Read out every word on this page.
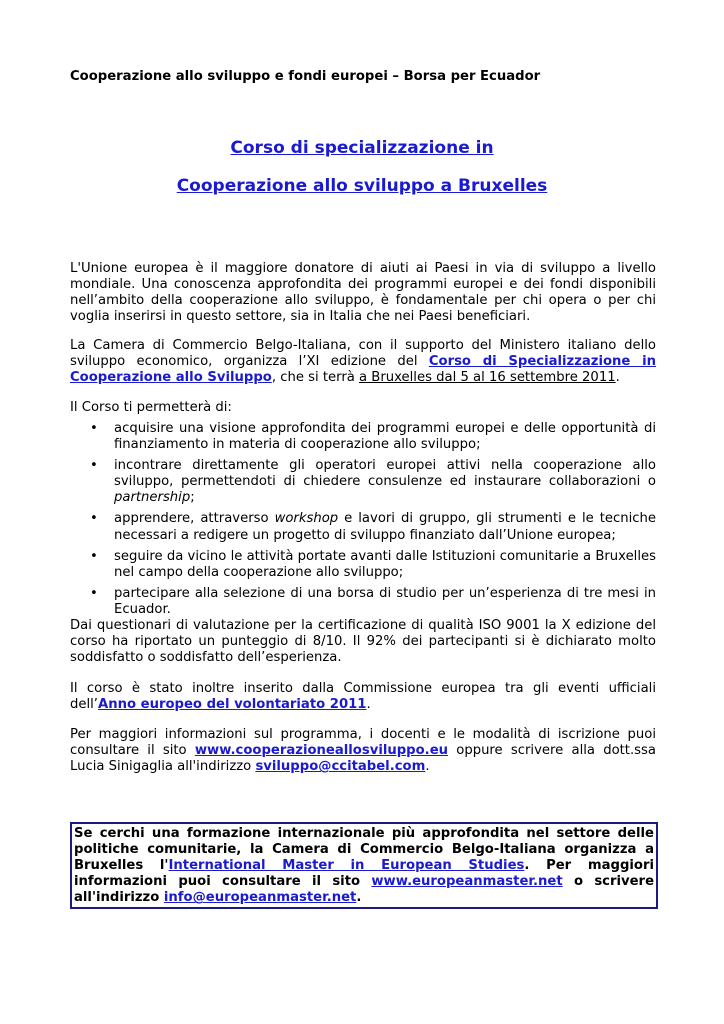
Cooperazione allo sviluppo e fondi europei – Borsa per Ecuador
Corso di specializzazione in
Cooperazione allo sviluppo a Bruxelles

L'Unione europea è il maggiore donatore di aiuti ai Paesi in via di sviluppo a livello mondiale. Una conoscenza approfondita dei programmi europei e dei fondi disponibili nell’ambito della cooperazione allo sviluppo, è fondamentale per chi opera o per chi voglia inserirsi in questo settore, sia in Italia che nei Paesi beneficiari.

La Camera di Commercio Belgo-Italiana, con il supporto del Ministero italiano dello sviluppo economico, organizza l’XI edizione del Corso di Specializzazione in Cooperazione allo Sviluppo, che si terrà a Bruxelles dal 5 al 16 settembre 2011.

Il Corso ti permetterà di:

• acquisire una visione approfondita dei programmi europei e delle opportunità di finanziamento in materia di cooperazione allo sviluppo;
• incontrare direttamente gli operatori europei attivi nella cooperazione allo sviluppo, permettendoti di chiedere consulenze ed instaurare collaborazioni o partnership;
• apprendere, attraverso workshop e lavori di gruppo, gli strumenti e le tecniche necessari a redigere un progetto di sviluppo finanziato dall’Unione europea;
• seguire da vicino le attività portate avanti dalle Istituzioni comunitarie a Bruxelles nel campo della cooperazione allo sviluppo;
• partecipare alla selezione di una borsa di studio per un’esperienza di tre mesi in Ecuador.

Dai questionari di valutazione per la certificazione di qualità ISO 9001 la X edizione del corso ha riportato un punteggio di 8/10. Il 92% dei partecipanti si è dichiarato molto soddisfatto o soddisfatto dell’esperienza.

Il corso è stato inoltre inserito dalla Commissione europea tra gli eventi ufficiali dell’Anno europeo del volontariato 2011.

Per maggiori informazioni sul programma, i docenti e le modalità di iscrizione puoi consultare il sito www.cooperazioneallosviluppo.eu oppure scrivere alla dott.ssa Lucia Sinigaglia all'indirizzo sviluppo@ccitabel.com.

Se cerchi una formazione internazionale più approfondita nel settore delle politiche comunitarie, la Camera di Commercio Belgo-Italiana organizza a Bruxelles l'International Master in European Studies. Per maggiori informazioni puoi consultare il sito www.europeanmaster.net o scrivere all'indirizzo info@europeanmaster.net.
